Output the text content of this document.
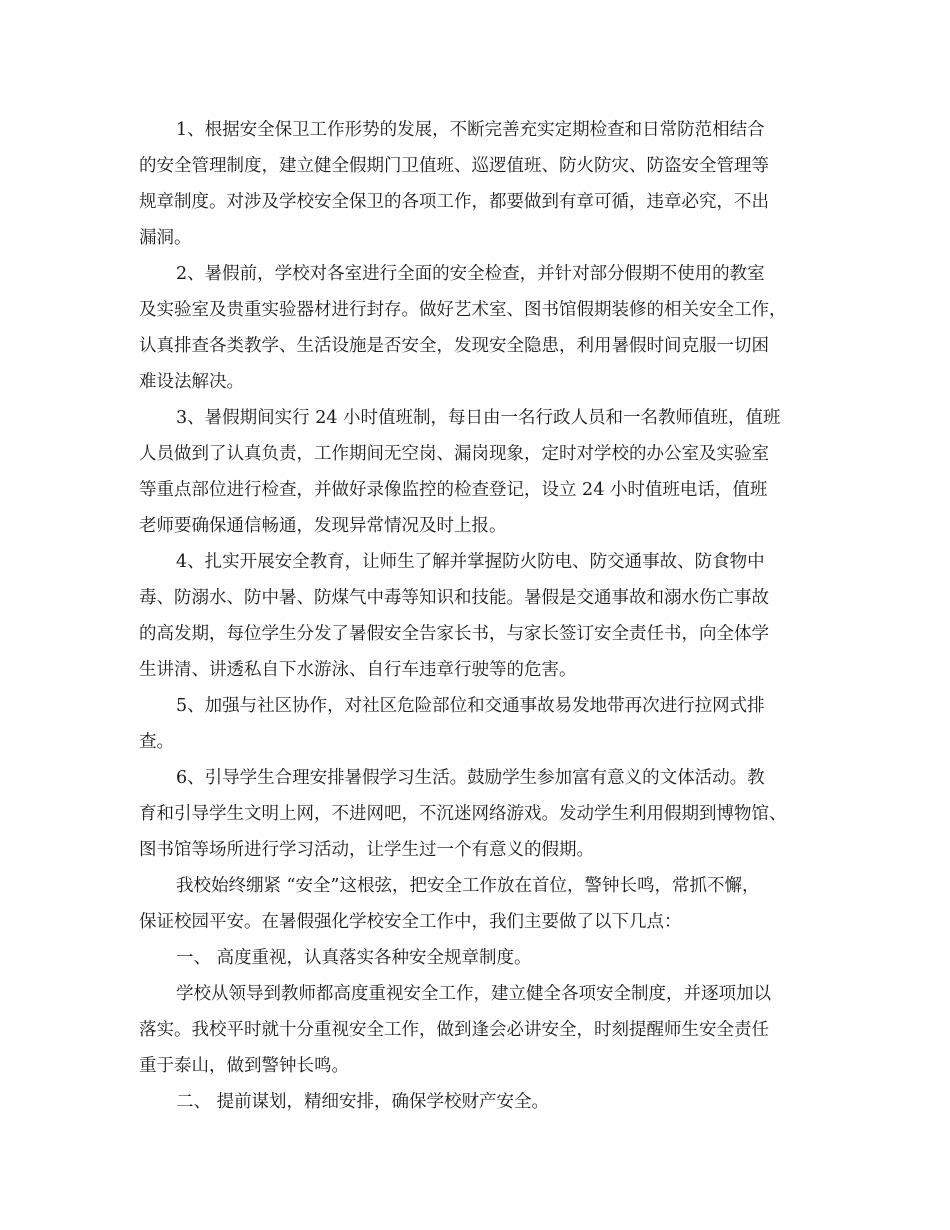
1、根据安全保卫工作形势的发展，不断完善充实定期检查和日常防范相结合
的安全管理制度，建立健全假期门卫值班、巡逻值班、防火防灾、防盗安全管理等
规章制度。对涉及学校安全保卫的各项工作，都要做到有章可循，违章必究，不出
漏洞。
2、暑假前，学校对各室进行全面的安全检查，并针对部分假期不使用的教室
及实验室及贵重实验器材进行封存。做好艺术室、图书馆假期装修的相关安全工作，
认真排查各类教学、生活设施是否安全，发现安全隐患，利用暑假时间克服一切困
难设法解决。
3、暑假期间实行 24 小时值班制，每日由一名行政人员和一名教师值班，值班
人员做到了认真负责，工作期间无空岗、漏岗现象，定时对学校的办公室及实验室
等重点部位进行检查，并做好录像监控的检查登记，设立 24 小时值班电话，值班
老师要确保通信畅通，发现异常情况及时上报。
4、扎实开展安全教育，让师生了解并掌握防火防电、防交通事故、防食物中
毒、防溺水、防中暑、防煤气中毒等知识和技能。暑假是交通事故和溺水伤亡事故
的高发期，每位学生分发了暑假安全告家长书，与家长签订安全责任书，向全体学
生讲清、讲透私自下水游泳、自行车违章行驶等的危害。
5、加强与社区协作，对社区危险部位和交通事故易发地带再次进行拉网式排
查。
6、引导学生合理安排暑假学习生活。鼓励学生参加富有意义的文体活动。教
育和引导学生文明上网，不进网吧，不沉迷网络游戏。发动学生利用假期到博物馆、
图书馆等场所进行学习活动，让学生过一个有意义的假期。
我校始终绷紧 “安全”这根弦，把安全工作放在首位，警钟长鸣，常抓不懈，
保证校园平安。在暑假强化学校安全工作中，我们主要做了以下几点：
一、 高度重视，认真落实各种安全规章制度。
学校从领导到教师都高度重视安全工作，建立健全各项安全制度，并逐项加以
落实。我校平时就十分重视安全工作，做到逢会必讲安全，时刻提醒师生安全责任
重于泰山，做到警钟长鸣。
二、 提前谋划，精细安排，确保学校财产安全。
